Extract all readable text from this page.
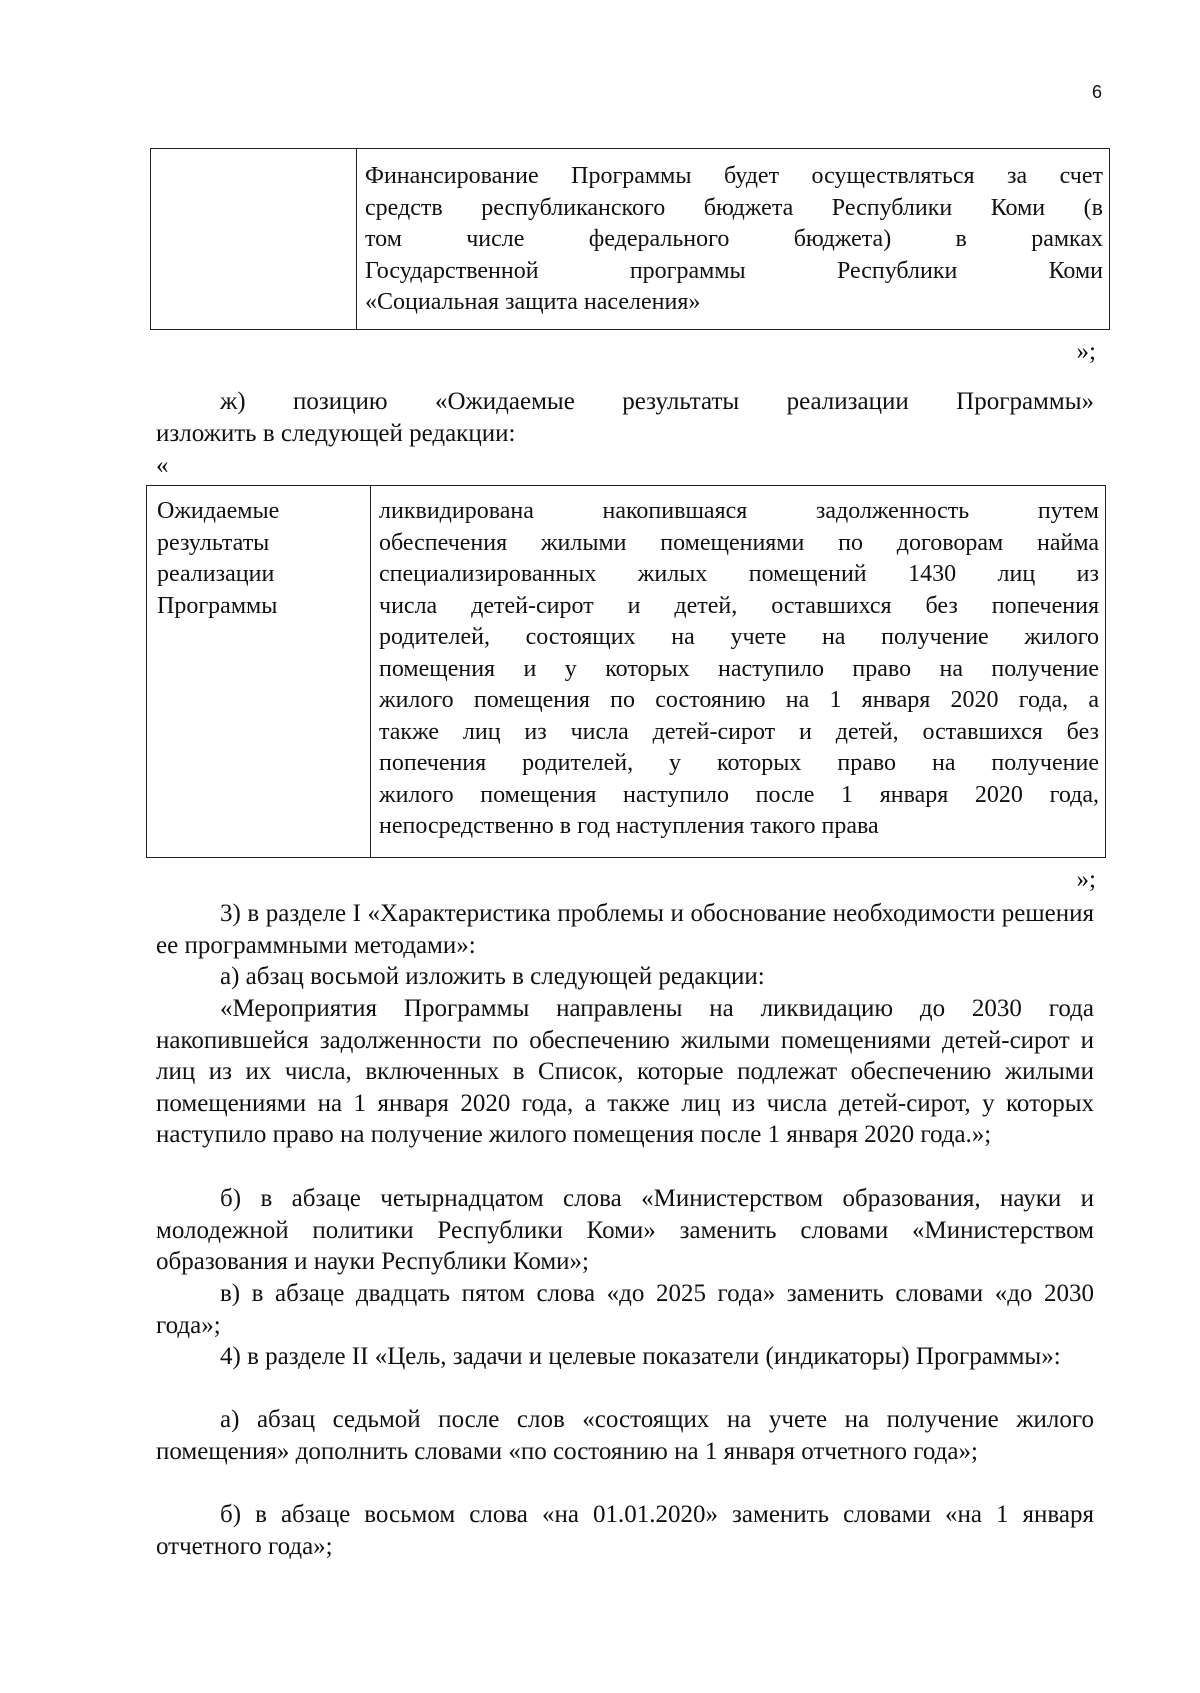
6
Финансирование Программы будет осуществляться за счет
средств республиканского бюджета Республики Коми (в
том числе федерального бюджета) в рамках
Государственной программы Республики Коми
«Социальная защита населения»
»;
ж) позицию «Ожидаемые результаты реализации Программы»
изложить в следующей редакции:
«
Ожидаемые
результаты
реализации
Программы
ликвидирована накопившаяся задолженность путем
обеспечения жилыми помещениями по договорам найма
специализированных жилых помещений 1430 лиц из
числа детей-сирот и детей, оставшихся без попечения
родителей, состоящих на учете на получение жилого
помещения и у которых наступило право на получение
жилого помещения по состоянию на 1 января 2020 года, а
также лиц из числа детей-сирот и детей, оставшихся без
попечения родителей, у которых право на получение
жилого помещения наступило после 1 января 2020 года,
непосредственно в год наступления такого права
»;
3) в разделе I «Характеристика проблемы и обоснование необходимости решения ее программными методами»:
а) абзац восьмой изложить в следующей редакции:
«Мероприятия Программы направлены на ликвидацию до 2030 года накопившейся задолженности по обеспечению жилыми помещениями детей-сирот и лиц из их числа, включенных в Список, которые подлежат обеспечению жилыми помещениями на 1 января 2020 года, а также лиц из числа детей-сирот, у которых наступило право на получение жилого помещения после 1 января 2020 года.»;
б) в абзаце четырнадцатом слова «Министерством образования, науки и молодежной политики Республики Коми» заменить словами «Министерством образования и науки Республики Коми»;
в) в абзаце двадцать пятом слова «до 2025 года» заменить словами «до 2030 года»;
4) в разделе II «Цель, задачи и целевые показатели (индикаторы) Программы»:
а) абзац седьмой после слов «состоящих на учете на получение жилого помещения» дополнить словами «по состоянию на 1 января отчетного года»;
б) в абзаце восьмом слова «на 01.01.2020» заменить словами «на 1 января отчетного года»;
